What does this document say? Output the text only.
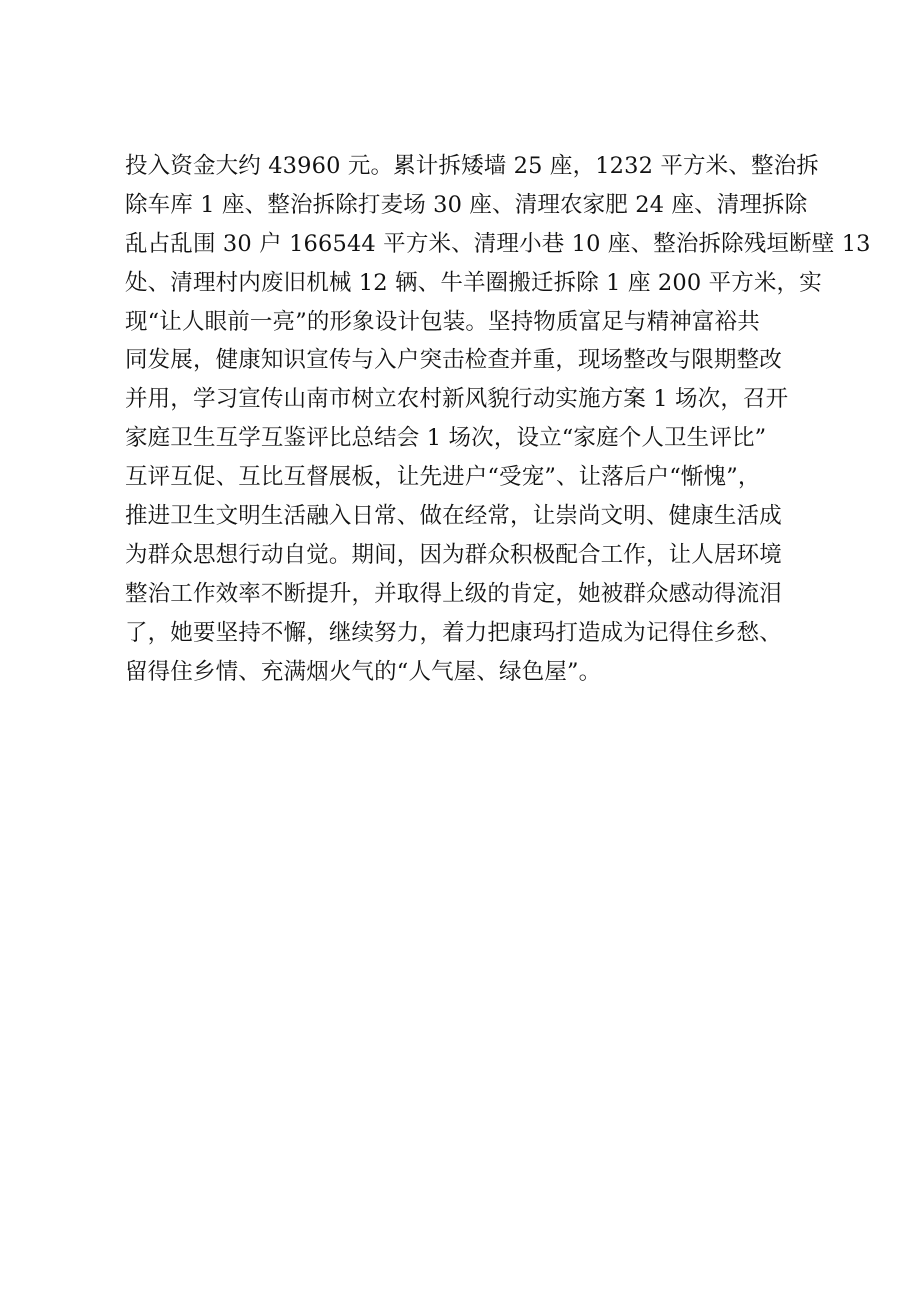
投入资金大约 43960 元。累计拆矮墙 25 座，1232 平方米、整治拆
除车库 1 座、整治拆除打麦场 30 座、清理农家肥 24 座、清理拆除
乱占乱围 30 户 166544 平方米、清理小巷 10 座、整治拆除残垣断壁 13
处、清理村内废旧机械 12 辆、牛羊圈搬迁拆除 1 座 200 平方米，实
现“让人眼前一亮”的形象设计包装。坚持物质富足与精神富裕共
同发展，健康知识宣传与入户突击检查并重，现场整改与限期整改
并用，学习宣传山南市树立农村新风貌行动实施方案 1 场次，召开
家庭卫生互学互鉴评比总结会 1 场次，设立“家庭个人卫生评比”
互评互促、互比互督展板，让先进户“受宠”、让落后户“惭愧”，
推进卫生文明生活融入日常、做在经常，让崇尚文明、健康生活成
为群众思想行动自觉。期间，因为群众积极配合工作，让人居环境
整治工作效率不断提升，并取得上级的肯定，她被群众感动得流泪
了，她要坚持不懈，继续努力，着力把康玛打造成为记得住乡愁、
留得住乡情、充满烟火气的“人气屋、绿色屋”。
